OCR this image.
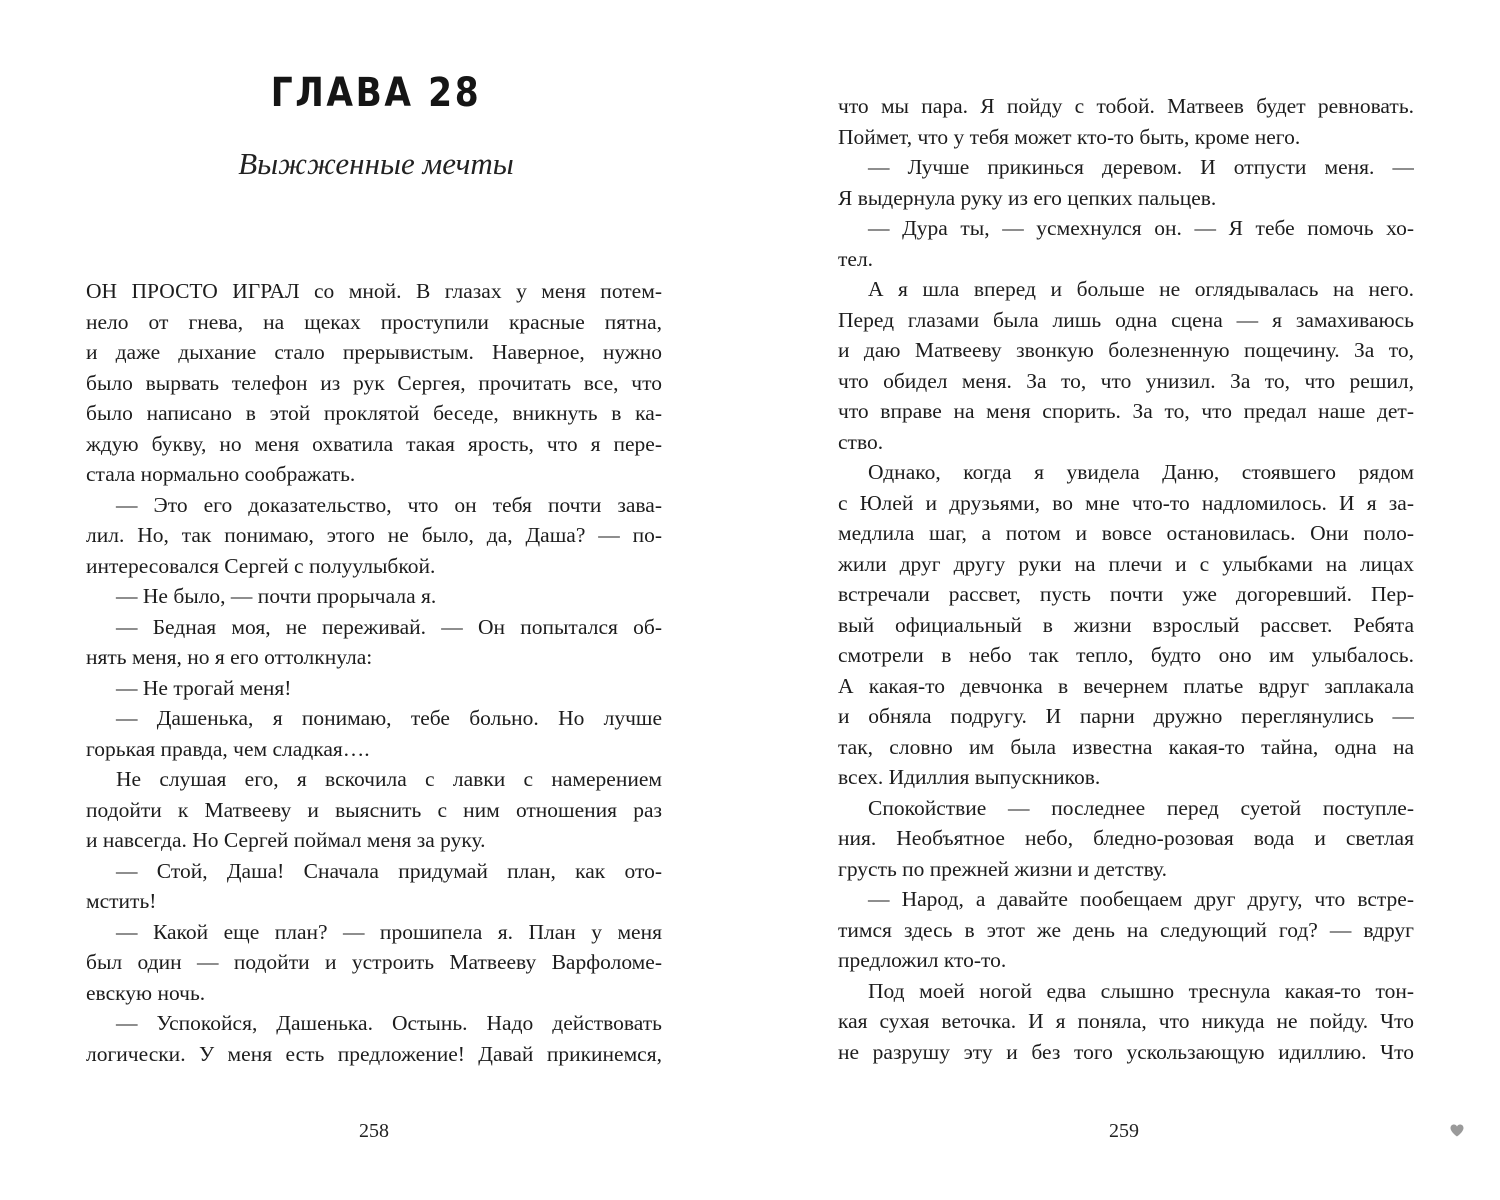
ГЛАВА 28
Выжженные мечты
ОН ПРОСТО ИГРАЛ со мной. В глазах у меня потем-
нело от гнева, на щеках проступили красные пятна,
и даже дыхание стало прерывистым. Наверное, нужно
было вырвать телефон из рук Сергея, прочитать все, что
было написано в этой проклятой беседе, вникнуть в ка-
ждую букву, но меня охватила такая ярость, что я пере-
стала нормально соображать.
— Это его доказательство, что он тебя почти зава-
лил. Но, так понимаю, этого не было, да, Даша? — по-
интересовался Сергей с полуулыбкой.
— Не было, — почти прорычала я.
— Бедная моя, не переживай. — Он попытался об-
нять меня, но я его оттолкнула:
— Не трогай меня!
— Дашенька, я понимаю, тебе больно. Но лучше
горькая правда, чем сладкая….
Не слушая его, я вскочила с лавки с намерением
подойти к Матвееву и выяснить с ним отношения раз
и навсегда. Но Сергей поймал меня за руку.
— Стой, Даша! Сначала придумай план, как ото-
мстить!
— Какой еще план? — прошипела я. План у меня
был один — подойти и устроить Матвееву Варфоломе-
евскую ночь.
— Успокойся, Дашенька. Остынь. Надо действовать
логически. У меня есть предложение! Давай прикинемся,
258
что мы пара. Я пойду с тобой. Матвеев будет ревновать.
Поймет, что у тебя может кто-то быть, кроме него.
— Лучше прикинься деревом. И отпусти меня. —
Я выдернула руку из его цепких пальцев.
— Дура ты, — усмехнулся он. — Я тебе помочь хо-
тел.
А я шла вперед и больше не оглядывалась на него.
Перед глазами была лишь одна сцена — я замахиваюсь
и даю Матвееву звонкую болезненную пощечину. За то,
что обидел меня. За то, что унизил. За то, что решил,
что вправе на меня спорить. За то, что предал наше дет-
ство.
Однако, когда я увидела Даню, стоявшего рядом
с Юлей и друзьями, во мне что-то надломилось. И я за-
медлила шаг, а потом и вовсе остановилась. Они поло-
жили друг другу руки на плечи и с улыбками на лицах
встречали рассвет, пусть почти уже догоревший. Пер-
вый официальный в жизни взрослый рассвет. Ребята
смотрели в небо так тепло, будто оно им улыбалось.
А какая-то девчонка в вечернем платье вдруг заплакала
и обняла подругу. И парни дружно переглянулись —
так, словно им была известна какая-то тайна, одна на
всех. Идиллия выпускников.
Спокойствие — последнее перед суетой поступле-
ния. Необъятное небо, бледно-розовая вода и светлая
грусть по прежней жизни и детству.
— Народ, а давайте пообещаем друг другу, что встре-
тимся здесь в этот же день на следующий год? — вдруг
предложил кто-то.
Под моей ногой едва слышно треснула какая-то тон-
кая сухая веточка. И я поняла, что никуда не пойду. Что
не разрушу эту и без того ускользающую идиллию. Что
259
